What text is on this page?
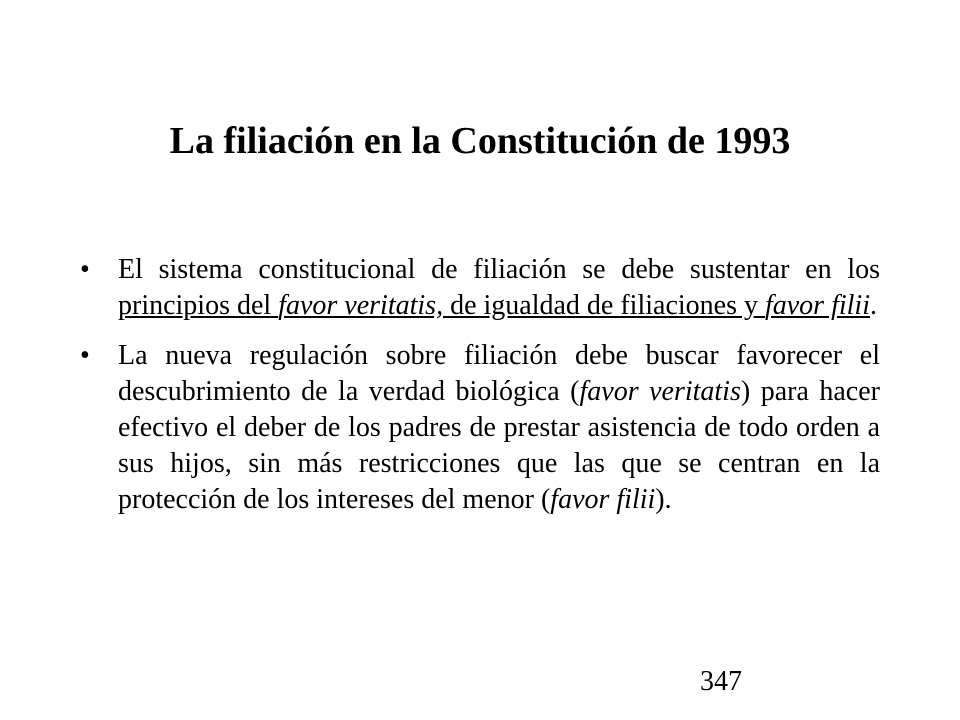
La filiación en la Constitución de 1993
• El sistema constitucional de filiación se debe sustentar en los principios del favor veritatis, de igualdad de filiaciones y favor filii.
• La nueva regulación sobre filiación debe buscar favorecer el descubrimiento de la verdad biológica (favor veritatis) para hacer efectivo el deber de los padres de prestar asistencia de todo orden a sus hijos, sin más restricciones que las que se centran en la protección de los intereses del menor (favor filii).
347
